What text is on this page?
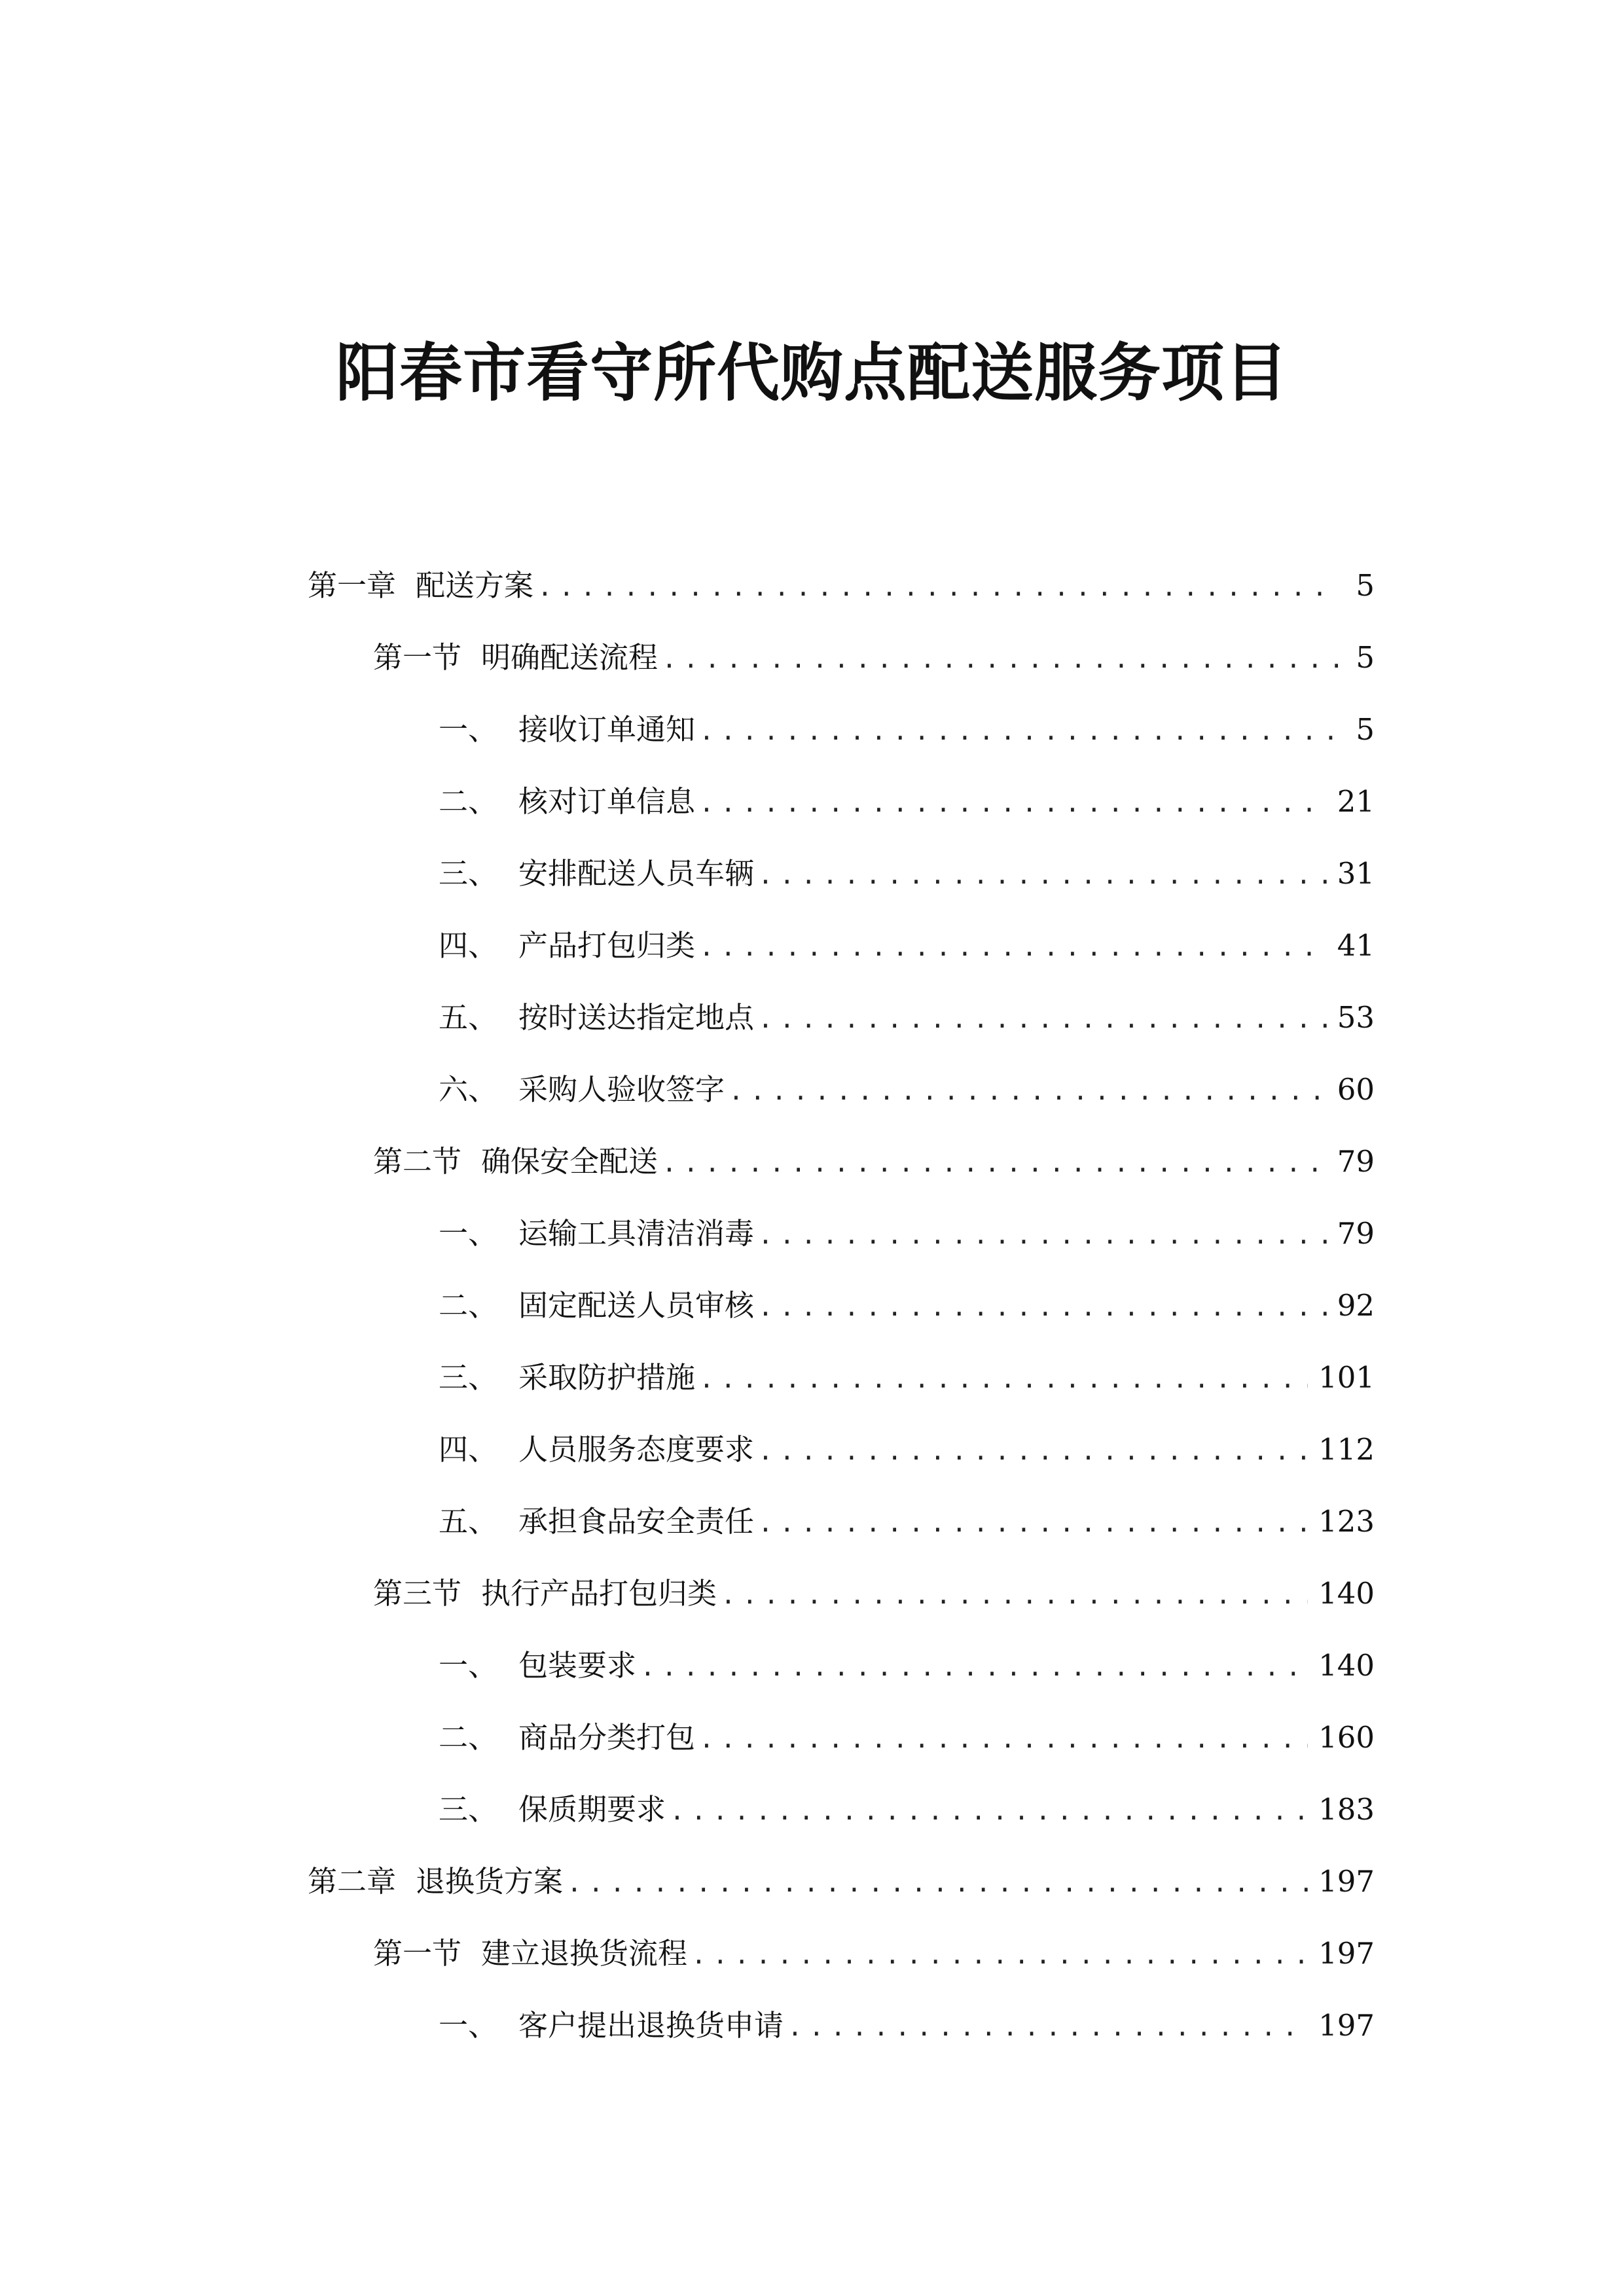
阳春市看守所代购点配送服务项目
第一章 配送方案 .....	5
第一节 明确配送流程 .....	5
一、 接收订单通知 .....	5
二、 核对订单信息 .....	21
三、 安排配送人员车辆 .....	31
四、 产品打包归类 .....	41
五、 按时送达指定地点 .....	53
六、 采购人验收签字 .....	60
第二节 确保安全配送 .....	79
一、 运输工具清洁消毒 .....	79
二、 固定配送人员审核 .....	92
三、 采取防护措施 .....	101
四、 人员服务态度要求 .....	112
五、 承担食品安全责任 .....	123
第三节 执行产品打包归类 .....	140
一、 包装要求 .....	140
二、 商品分类打包 .....	160
三、 保质期要求 .....	183
第二章 退换货方案 .....	197
第一节 建立退换货流程 .....	197
一、 客户提出退换货申请 .....	197
